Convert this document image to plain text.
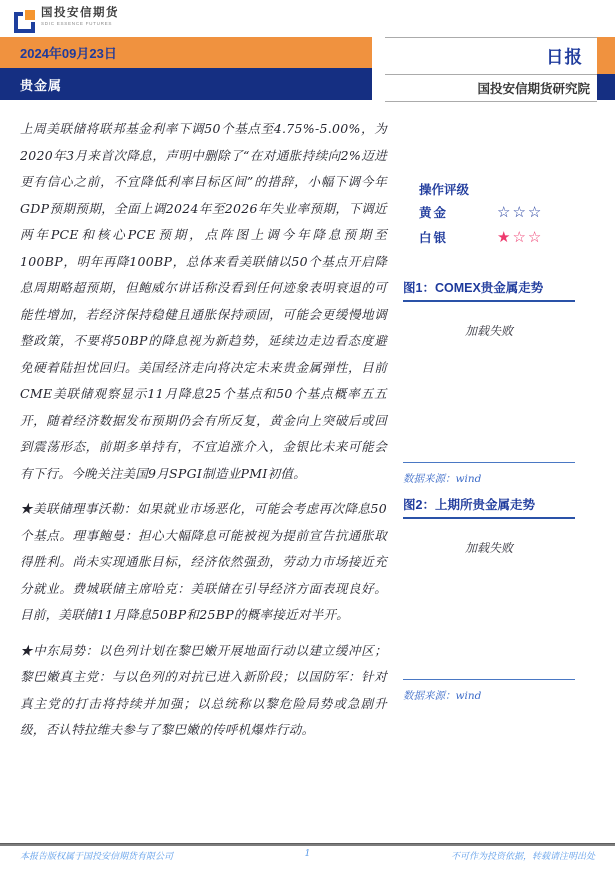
国投安信期货
SDIC ESSENCE FUTURES
2024年09月23日
贵金属
日报
国投安信期货研究院

上周美联储将联邦基金利率下调50个基点至4.75%-5.00%，为2020年3月来首次降息，声明中删除了“在对通胀持续向2%迈进更有信心之前，不宜降低利率目标区间”的措辞，小幅下调今年GDP预期预期，全面上调2024年至2026年失业率预期，下调近两年PCE和核心PCE预期，点阵图上调今年降息预期至100BP，明年再降100BP，总体来看美联储以50个基点开启降息周期略超预期，但鲍威尔讲话称没看到任何迹象表明衰退的可能性增加，若经济保持稳健且通胀保持顽固，可能会更缓慢地调整政策，不要将50BP的降息视为新趋势，延续边走边看态度避免硬着陆担忧回归。美国经济走向将决定未来贵金属弹性，目前CME美联储观察显示11月降息25个基点和50个基点概率五五开，随着经济数据发布预期仍会有所反复，黄金向上突破后或回到震荡形态，前期多单持有，不宜追涨介入，金银比未来可能会有下行。今晚关注美国9月SPGI制造业PMI初值。

★美联储理事沃勒：如果就业市场恶化，可能会考虑再次降息50个基点。理事鲍曼：担心大幅降息可能被视为提前宣告抗通胀取得胜利。尚未实现通胀目标，经济依然强劲，劳动力市场接近充分就业。费城联储主席哈克：美联储在引导经济方面表现良好。目前，美联储11月降息50BP和25BP的概率接近对半开。

★中东局势：以色列计划在黎巴嫩开展地面行动以建立缓冲区；黎巴嫩真主党：与以色列的对抗已进入新阶段；以国防军：针对真主党的打击将持续并加强；以总统称以黎危险局势或急剧升级，否认特拉维夫参与了黎巴嫩的传呼机爆炸行动。

操作评级
黄金	☆☆☆
白银	★☆☆
图1：COMEX贵金属走势
加载失败
数据来源：wind
图2：上期所贵金属走势
加载失败
数据来源：wind
本报告版权属于国投安信期货有限公司	1	不可作为投资依据，转载请注明出处
